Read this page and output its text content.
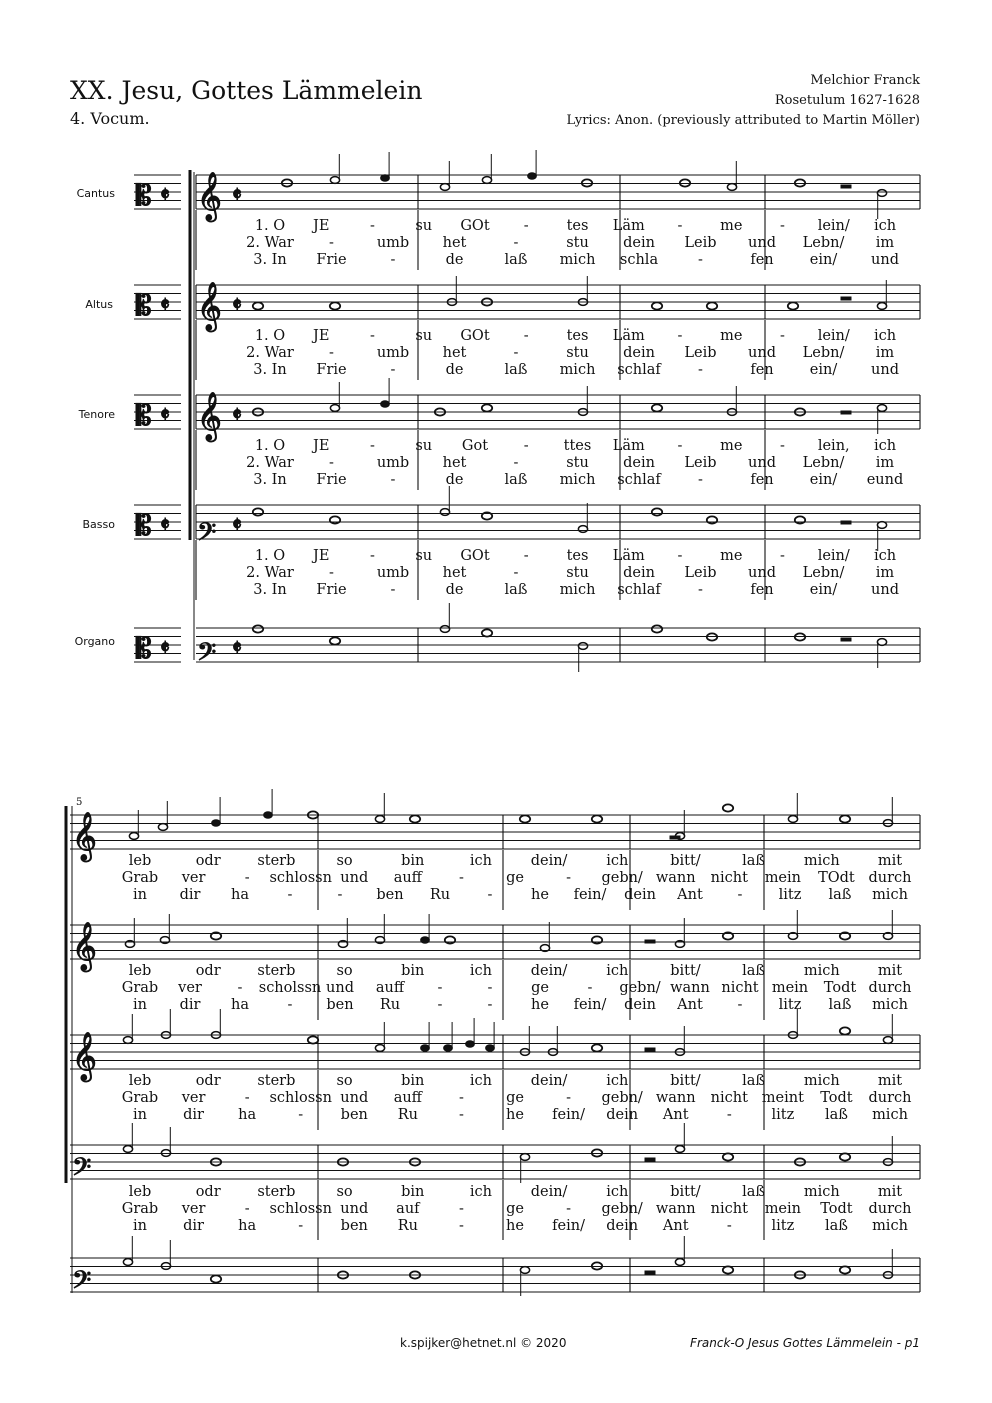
XX. Jesu, Gottes Lämmelein
4. Vocum.
Melchior Franck
Rosetulum 1627-1628
Lyrics: Anon. (previously attributed to Martin Möller)
Cantus
Altus
Tenore
Basso
Organo
5
𝄞
𝄞
𝄞
𝄢
𝄢
𝄞
𝄞
𝄞
𝄢
𝄢
𝄡 𝄵	𝄵
𝄡 𝄵	𝄵
𝄡 𝄵	𝄵
𝄡 𝄵	𝄵
𝄡 𝄵	𝄵
1. O JE	-	su GOt -	tes Läm -	me	- lein/ ich
2. War -	umb het	-	stu dein Leib und Lebn/ im
3. In Frie	-	de	laß mich schla	-	fen ein/ und
1. O JE	-	su GOt -	tes Läm -	me	- lein/ ich
2. War -	umb het	-	stu dein Leib und Lebn/ im
3. In Frie	-	de	laß mich schlaf	-	fen ein/ und
1. O JE	-	su Got - ttes Läm -	me	- lein, ich
2. War -	umb het	-	stu dein Leib und Lebn/ im
3. In Frie	-	de	laß mich schlaf	-	fen ein/ eund
1. O JE	-	su GOt -	tes Läm -	me	- lein/ ich
2. War -	umb het	-	stu dein Leib und Lebn/ im
3. In Frie	-	de	laß mich schlaf	-	fen ein/ und
leb	odr	sterb	so	bin	ich	dein/	ich	bitt/	laß	mich	mit
Grab ver	- schlossn und auff	-	ge	- gebn/ wann nicht mein TOdt durch
in dir ha	-	- ben Ru	-	he fein/ dein Ant - litz laß mich
leb	odr	sterb	so	bin	ich	dein/	ich	bitt/	laß	mich	mit
Grab ver - scholssn und auff -	-	ge	- gebn/ wann nicht mein Todt durch
in dir ha	- ben Ru	-	-	he fein/ dein Ant - litz laß mich
leb	odr	sterb	so	bin	ich	dein/	ich	bitt/	laß	mich	mit
Grab ver	- schlossn und auff	-	ge	- gebn/ wann nicht meint Todt durch
in dir ha	-	ben Ru	-	he fein/ dein Ant	-	litz laß mich
leb	odr	sterb	so	bin	ich	dein/	ich	bitt/	laß	mich	mit
Grab ver	- schlossn und auf	-	ge	- gebn/ wann nicht mein Todt durch
in dir ha	-	ben Ru	-	he fein/ dein Ant	-	litz laß mich
k.spijker@hetnet.nl © 2020	Franck-O Jesus Gottes Lämmelein - p1
